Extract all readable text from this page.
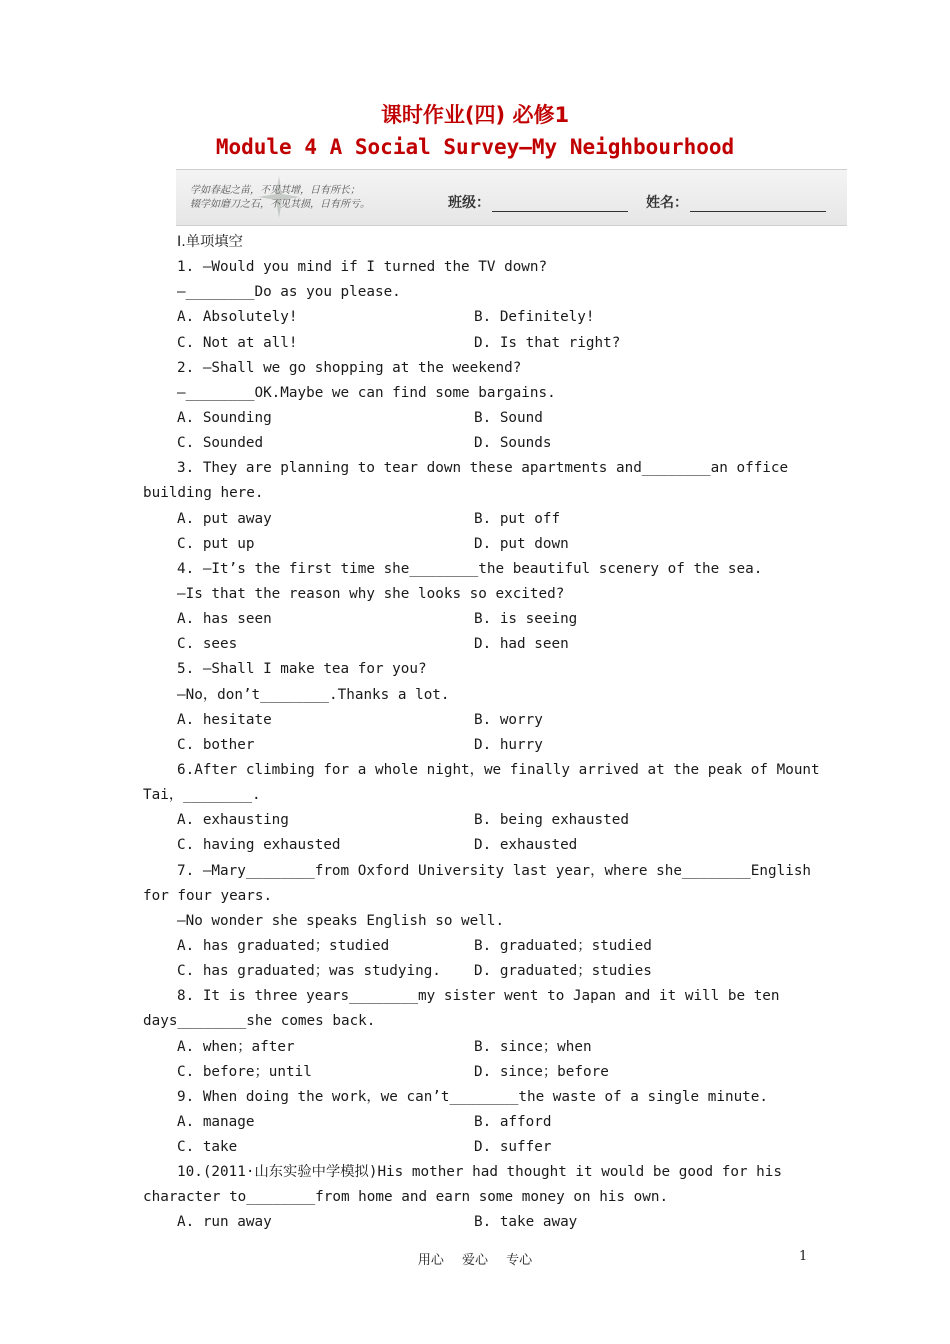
课时作业(四) 必修1
Module 4 A Social Survey—My Neighbourhood
学如春起之苗，不见其增，日有所长；
辍学如磨刀之石，不见其损，日有所亏。	班级：	姓名：
Ⅰ.单项填空
1. —Would you mind if I turned the TV down?
—________Do as you please.
A. Absolutely!	B. Definitely!
C. Not at all!	D. Is that right?
2. —Shall we go shopping at the weekend?
—________OK.Maybe we can find some bargains.
A. Sounding	B. Sound
C. Sounded	D. Sounds
3. They are planning to tear down these apartments and________an office
building here.
A. put away	B. put off
C. put up	D. put down
4. —It’s the first time she________the beautiful scenery of the sea.
—Is that the reason why she looks so excited?
A. has seen	B. is seeing
C. sees	D. had seen
5. —Shall I make tea for you?
—No，don’t________.Thanks a lot.
A. hesitate	B. worry
C. bother	D. hurry
6.After climbing for a whole night，we finally arrived at the peak of Mount
Tai，________.
A. exhausting	B. being exhausted
C. having exhausted	D. exhausted
7. —Mary________from Oxford University last year，where she________English
for four years.
—No wonder she speaks English so well.
A. has graduated；studied	B. graduated；studied
C. has graduated；was studying.	D. graduated；studies
8. It is three years________my sister went to Japan and it will be ten
days________she comes back.
A. when；after	B. since；when
C. before；until	D. since；before
9. When doing the work，we can’t________the waste of a single minute.
A. manage	B. afford
C. take	D. suffer
10.(2011·山东实验中学模拟)His mother had thought it would be good for his
character to________from home and earn some money on his own.
A. run away	B. take away
用心 爱心 专心	1
